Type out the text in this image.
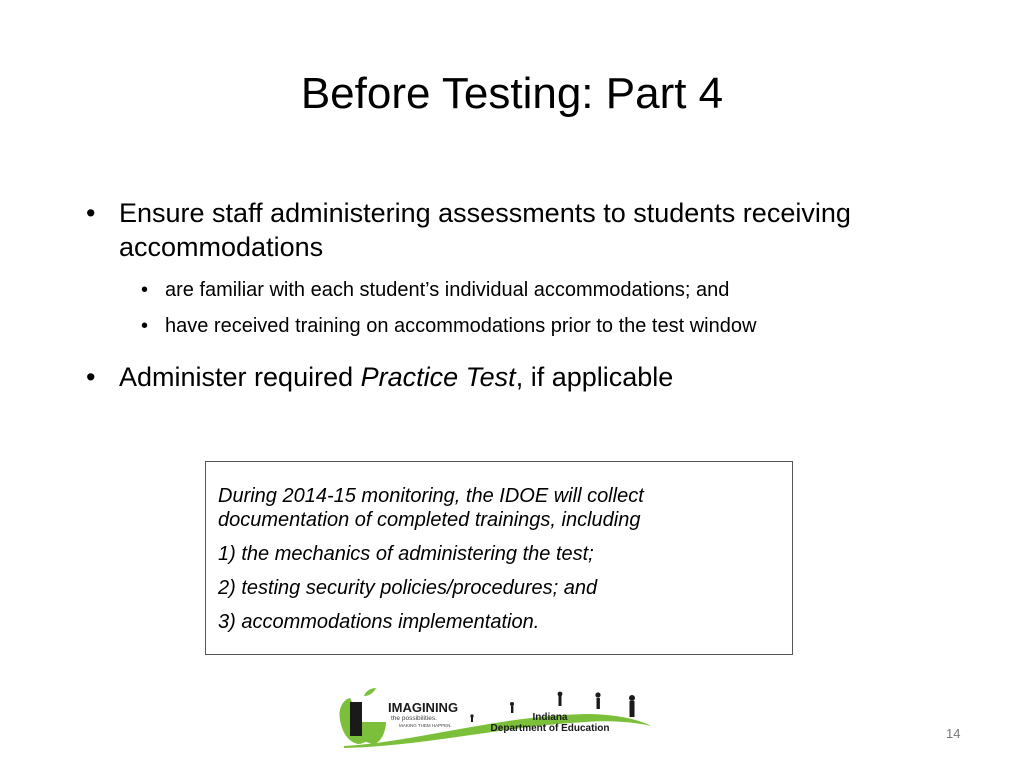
Before Testing: Part 4
• Ensure staff administering assessments to students receiving accommodations
• are familiar with each student’s individual accommodations; and
• have received training on accommodations prior to the test window
• Administer required Practice Test, if applicable

During 2014-15 monitoring, the IDOE will collect documentation of completed trainings, including

1) the mechanics of administering the test;

2) testing security policies/procedures; and

3) accommodations implementation.

IMAGINING
the possibilities.
MAKING THEM HAPPEN.
Indiana
Department of Education	14
